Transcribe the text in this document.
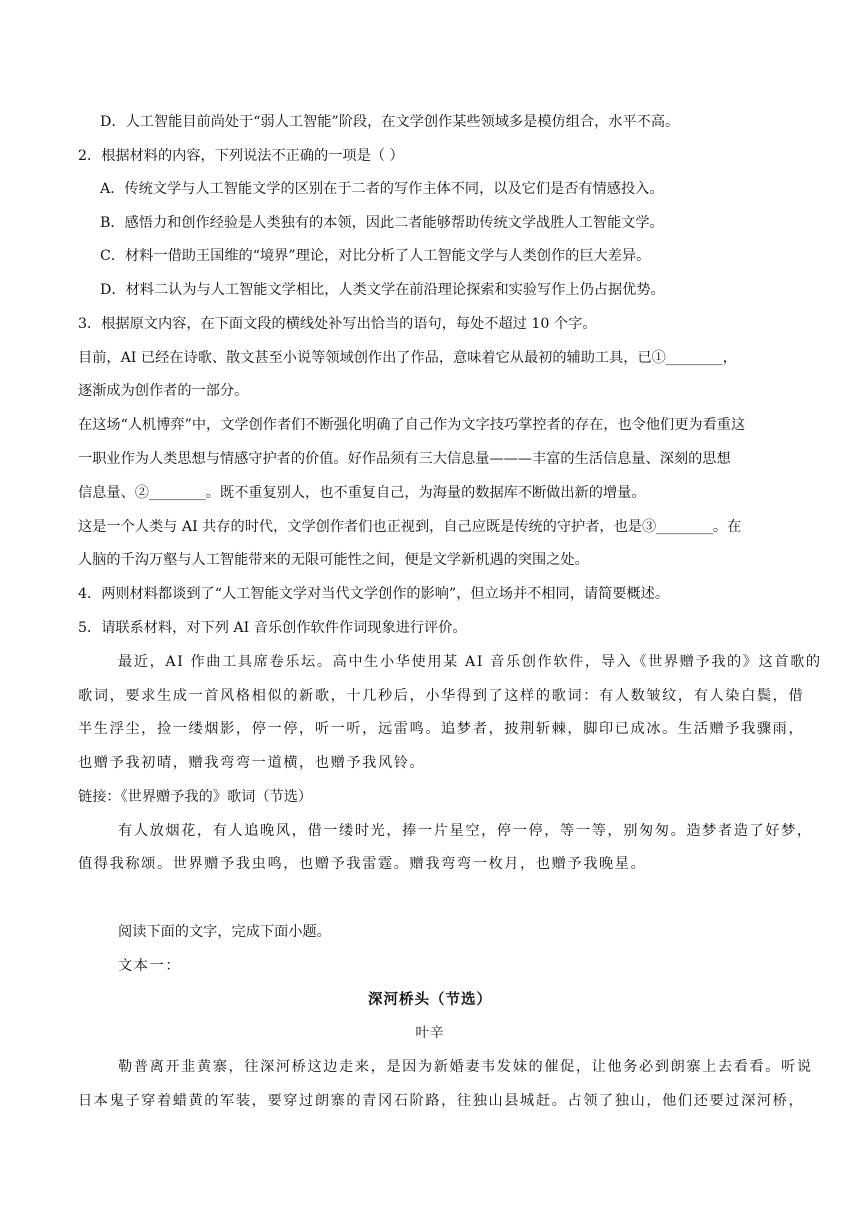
D．人工智能目前尚处于“弱人工智能”阶段，在文学创作某些领域多是模仿组合，水平不高。
2．根据材料的内容，下列说法不正确的一项是（ ）
A．传统文学与人工智能文学的区别在于二者的写作主体不同，以及它们是否有情感投入。
B．感悟力和创作经验是人类独有的本领，因此二者能够帮助传统文学战胜人工智能文学。
C．材料一借助王国维的“境界”理论，对比分析了人工智能文学与人类创作的巨大差异。
D．材料二认为与人工智能文学相比，人类文学在前沿理论探索和实验写作上仍占据优势。
3．根据原文内容，在下面文段的横线处补写出恰当的语句，每处不超过 10 个字。
目前，AI 已经在诗歌、散文甚至小说等领域创作出了作品，意味着它从最初的辅助工具，已①________，
逐渐成为创作者的一部分。
在这场“人机博弈”中，文学创作者们不断强化明确了自己作为文字技巧掌控者的存在，也令他们更为看重这
一职业作为人类思想与情感守护者的价值。好作品须有三大信息量———丰富的生活信息量、深刻的思想
信息量、②________。既不重复别人，也不重复自己，为海量的数据库不断做出新的增量。
这是一个人类与 AI 共存的时代，文学创作者们也正视到，自己应既是传统的守护者，也是③________。在
人脑的千沟万壑与人工智能带来的无限可能性之间，便是文学新机遇的突围之处。
4．两则材料都谈到了“人工智能文学对当代文学创作的影响”，但立场并不相同，请简要概述。
5．请联系材料，对下列 AI 音乐创作软件作词现象进行评价。
最近，AI 作曲工具席卷乐坛。高中生小华使用某 AI 音乐创作软件，导入《世界赠予我的》这首歌的
歌词，要求生成一首风格相似的新歌，十几秒后，小华得到了这样的歌词：有人数皱纹，有人染白鬓，借
半生浮尘，捡一缕烟影，停一停，听一听，远雷鸣。追梦者，披荆斩棘，脚印已成冰。生活赠予我骤雨，
也赠予我初晴，赠我弯弯一道横，也赠予我风铃。
链接：《世界赠予我的》歌词（节选）
有人放烟花，有人追晚风，借一缕时光，捧一片星空，停一停，等一等，别匆匆。造梦者造了好梦，
值得我称颂。世界赠予我虫鸣，也赠予我雷霆。赠我弯弯一枚月，也赠予我晚星。
阅读下面的文字，完成下面小题。
文本一：
深河桥头（节选）
叶辛
勒普离开韭黄寨，往深河桥这边走来，是因为新婚妻韦发妹的催促，让他务必到朗寨上去看看。听说
日本鬼子穿着蜡黄的军装，要穿过朗寨的青冈石阶路，往独山县城赶。占领了独山，他们还要过深河桥，
